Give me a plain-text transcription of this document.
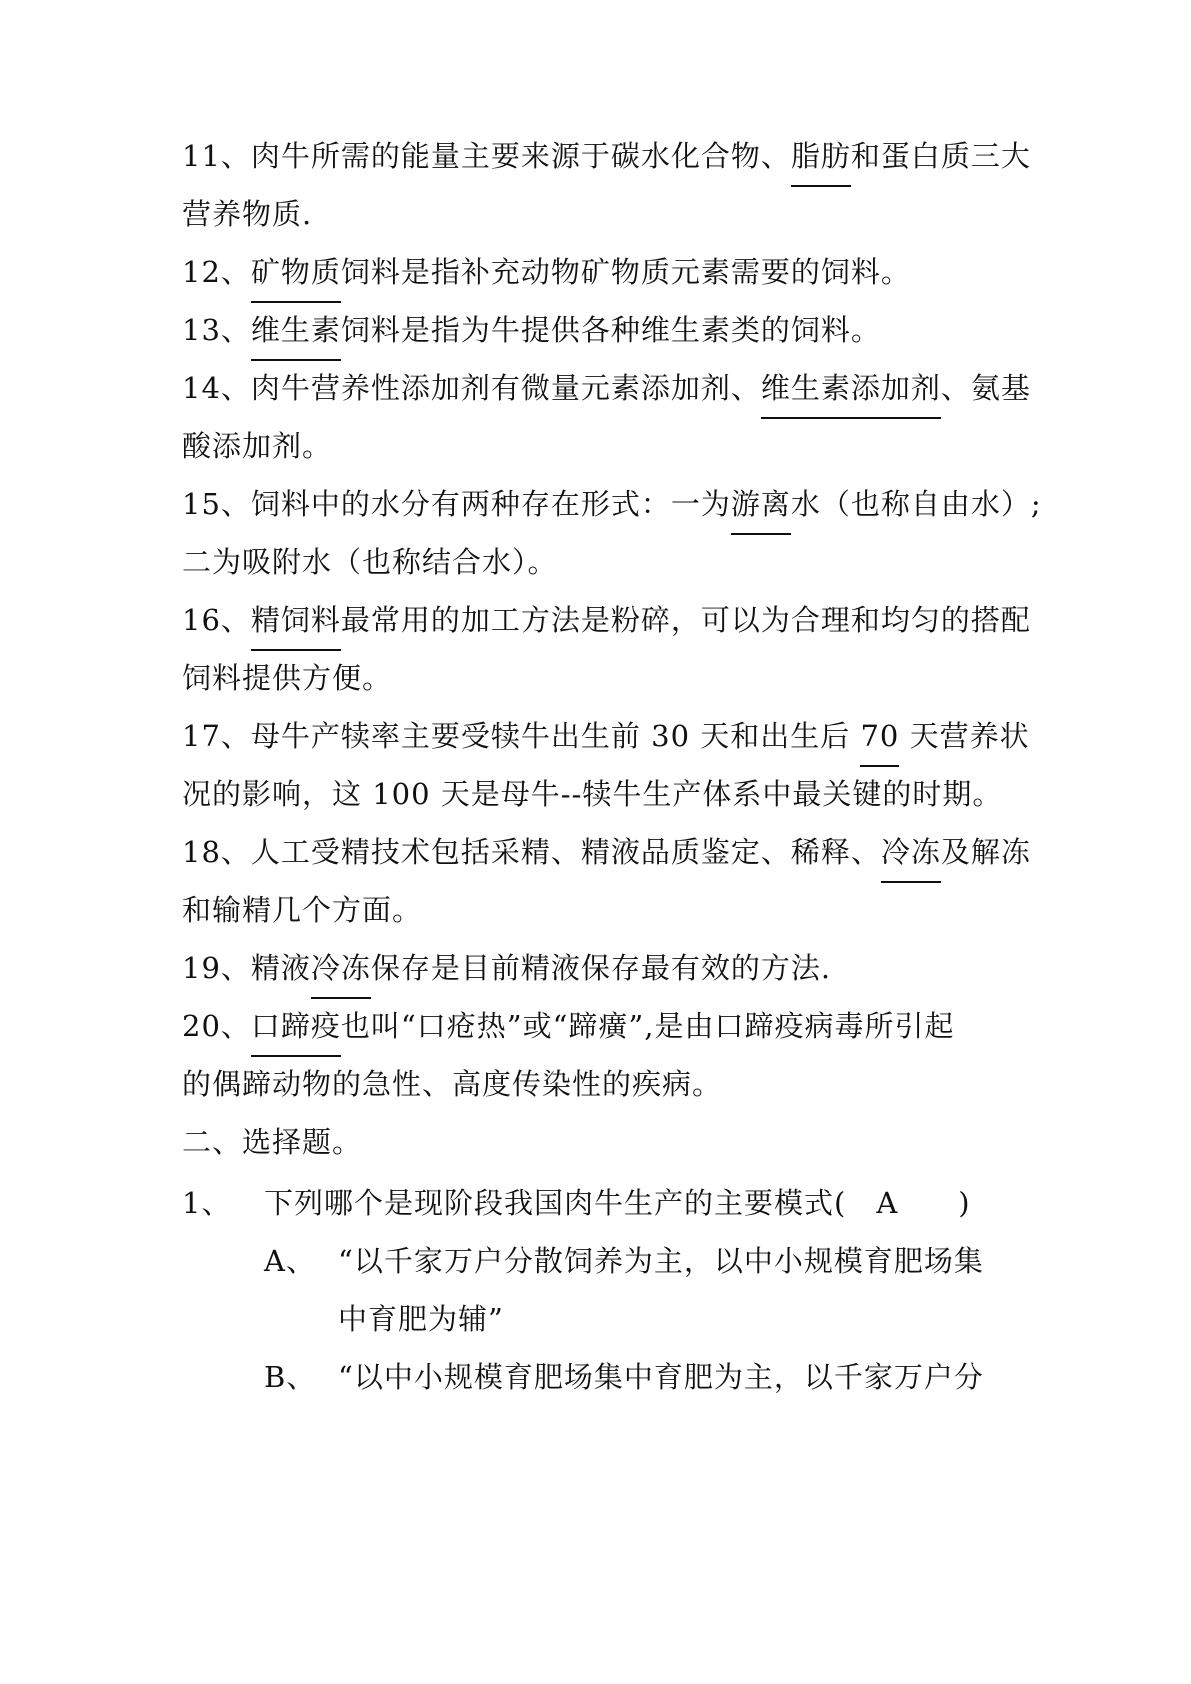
11、肉牛所需的能量主要来源于碳水化合物、脂肪和蛋白质三大
营养物质.
12、矿物质饲料是指补充动物矿物质元素需要的饲料。
13、维生素饲料是指为牛提供各种维生素类的饲料。
14、肉牛营养性添加剂有微量元素添加剂、维生素添加剂、氨基
酸添加剂。
15、饲料中的水分有两种存在形式：一为游离水（也称自由水）;
二为吸附水（也称结合水）。
16、精饲料最常用的加工方法是粉碎，可以为合理和均匀的搭配
饲料提供方便。
17、母牛产犊率主要受犊牛出生前 30 天和出生后 70 天营养状
况的影响，这 100 天是母牛--犊牛生产体系中最关键的时期。
18、人工受精技术包括采精、精液品质鉴定、稀释、冷冻及解冻
和输精几个方面。
19、精液冷冻保存是目前精液保存最有效的方法.
20、口蹄疫也叫“口疮热”或“蹄癀”,是由口蹄疫病毒所引起
的偶蹄动物的急性、高度传染性的疾病。
二、选择题。
1、 下列哪个是现阶段我国肉牛生产的主要模式(　A　　)
A、 “以千家万户分散饲养为主，以中小规模育肥场集
中育肥为辅”
B、 “以中小规模育肥场集中育肥为主，以千家万户分
